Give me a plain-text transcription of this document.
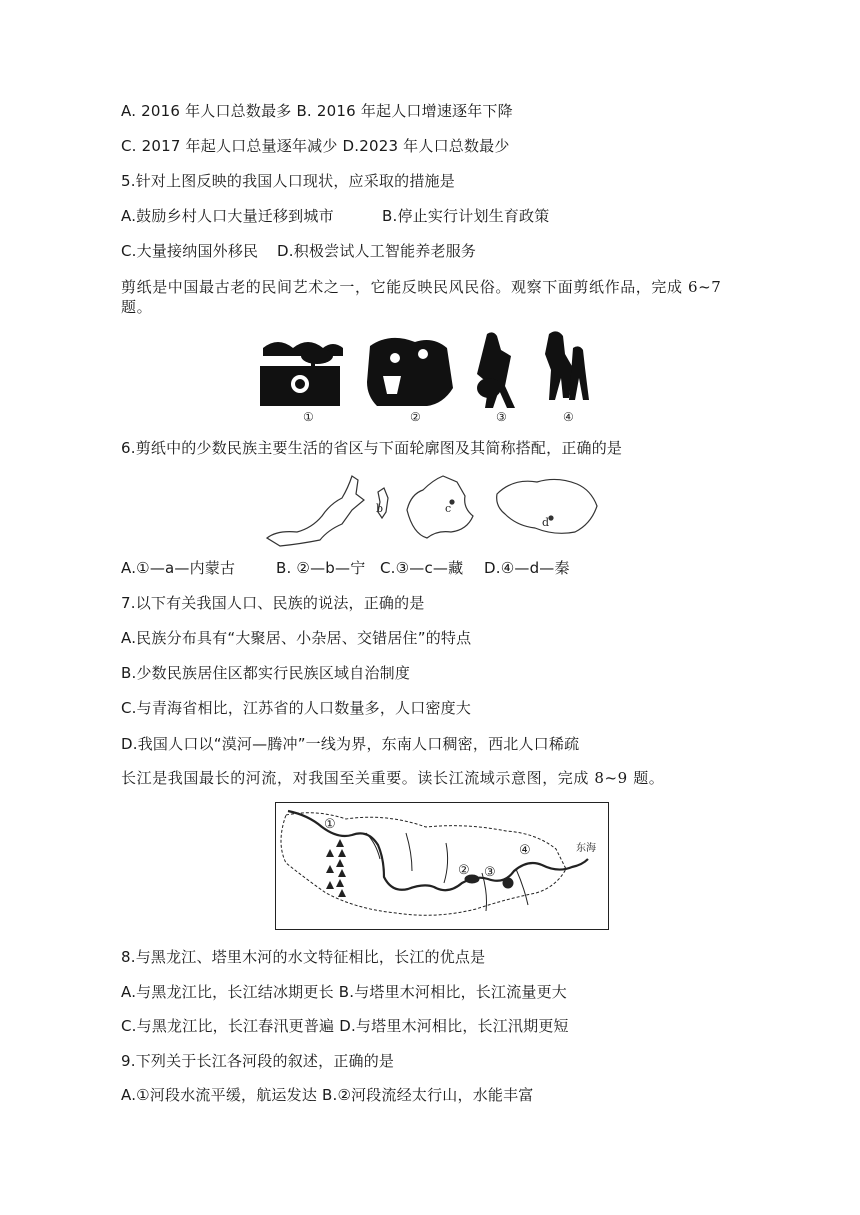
A. 2016 年人口总数最多 B. 2016 年起人口增速逐年下降
C. 2017 年起人口总量逐年减少 D.2023 年人口总数最少
5.针对上图反映的我国人口现状，应采取的措施是
A.鼓励乡村人口大量迁移到城市	B.停止实行计划生育政策
C.大量接纳国外移民 D.积极尝试人工智能养老服务
剪纸是中国最古老的民间艺术之一，它能反映民风民俗。观察下面剪纸作品，完成 6~7
题。
①	②	③	④
6.剪纸中的少数民族主要生活的省区与下面轮廓图及其简称搭配，正确的是
b	c
d
A.①—a—内蒙古	B. ②—b—宁 C.③—c—藏 D.④—d—秦
7.以下有关我国人口、民族的说法，正确的是
A.民族分布具有“大聚居、小杂居、交错居住”的特点
B.少数民族居住区都实行民族区域自治制度
C.与青海省相比，江苏省的人口数量多，人口密度大
D.我国人口以“漠河—腾冲”一线为界，东南人口稠密，西北人口稀疏
长江是我国最长的河流，对我国至关重要。读长江流域示意图，完成 8~9 题。
①
② ③
④	东海
8.与黑龙江、塔里木河的水文特征相比，长江的优点是
A.与黑龙江比，长江结冰期更长 B.与塔里木河相比，长江流量更大
C.与黑龙江比，长江春汛更普遍 D.与塔里木河相比，长江汛期更短
9.下列关于长江各河段的叙述，正确的是
A.①河段水流平缓，航运发达 B.②河段流经太行山，水能丰富
